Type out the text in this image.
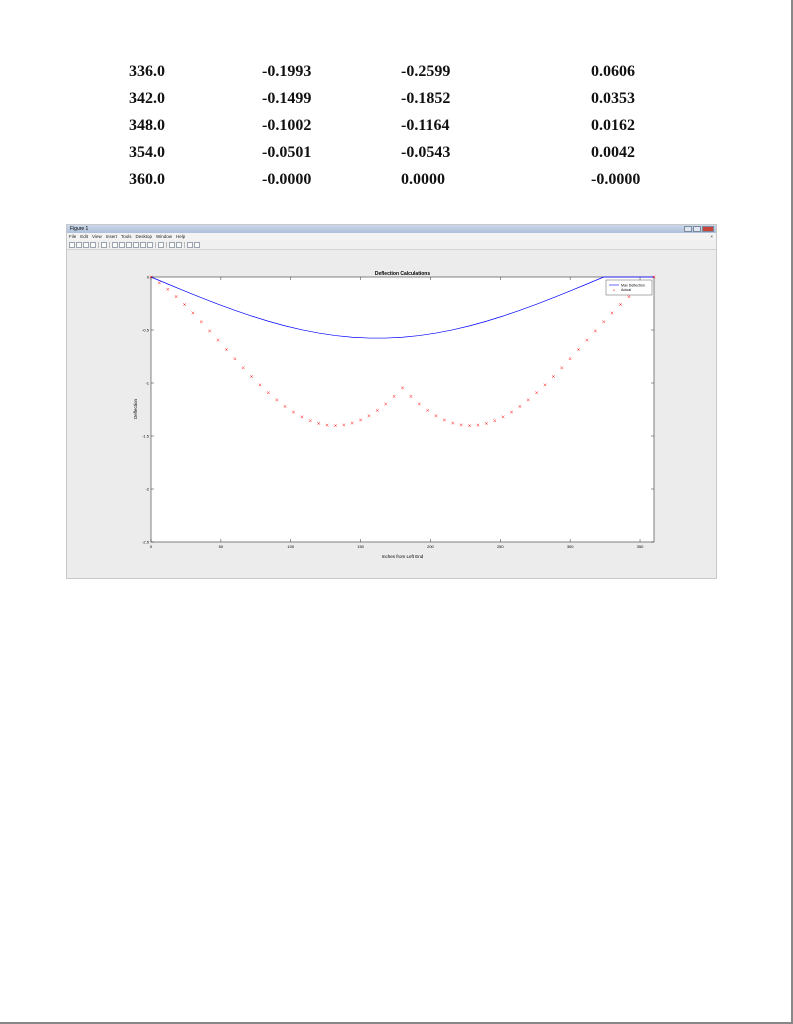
336.0	-0.1993	-0.2599	0.0606
342.0	-0.1499	-0.1852	0.0353
348.0	-0.1002	-0.1164	0.0162
354.0	-0.0501	-0.0543	0.0042
360.0	-0.0000	0.0000	-0.0000
Figure 1
File Edit View Insert Tools Desktop Window Help	×
Deflection Calculations
Inches from Left End
Deflection
0	50	100	150	200	250	300	350
0
-0.5
-1
-1.5
-2
-2.5
Max Deflection
× Actual
